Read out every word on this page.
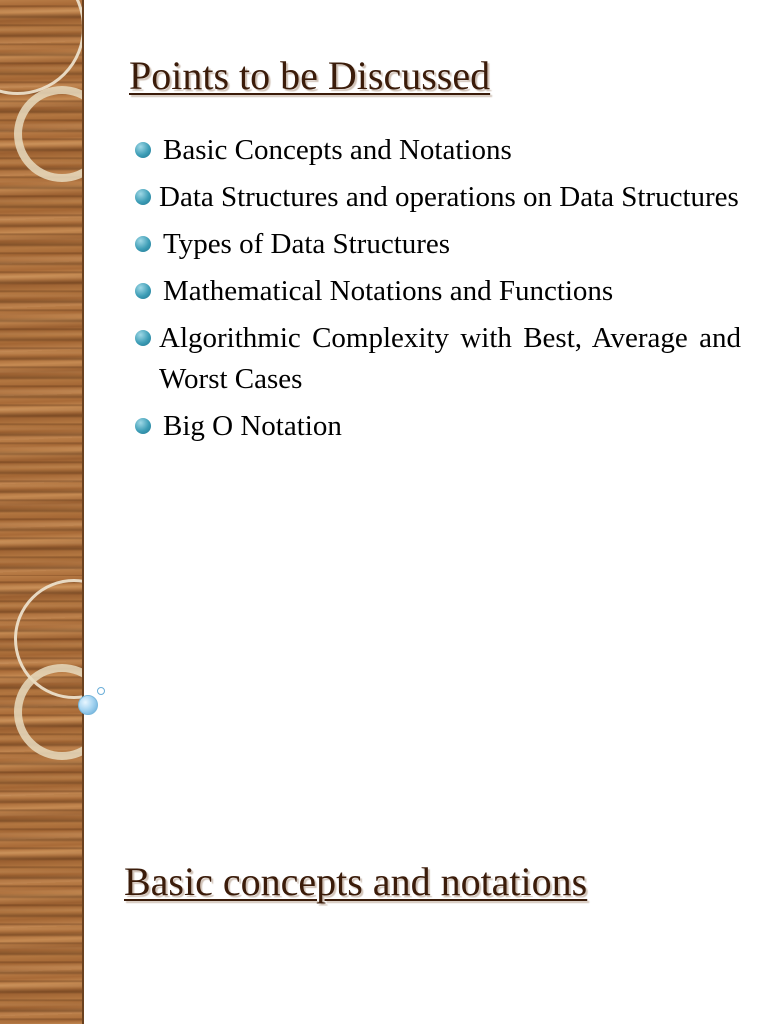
Points to be Discussed
Basic Concepts and Notations
Data Structures and operations on Data Structures
Types of Data Structures
Mathematical Notations and Functions
Algorithmic Complexity with Best, Average and Worst Cases
Big O Notation
Basic concepts and notations
